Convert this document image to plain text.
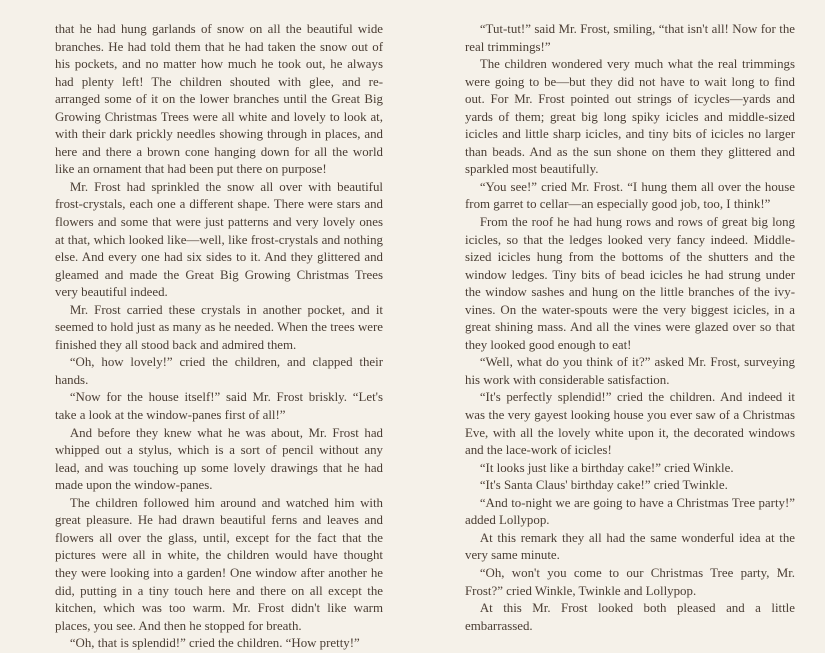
that he had hung garlands of snow on all the beautiful wide branches. He had told them that he had taken the snow out of his pockets, and no matter how much he took out, he always had plenty left! The children shouted with glee, and re-arranged some of it on the lower branches until the Great Big Growing Christmas Trees were all white and lovely to look at, with their dark prickly needles showing through in places, and here and there a brown cone hanging down for all the world like an ornament that had been put there on purpose!

Mr. Frost had sprinkled the snow all over with beautiful frost-crystals, each one a different shape. There were stars and flowers and some that were just patterns and very lovely ones at that, which looked like—well, like frost-crystals and nothing else. And every one had six sides to it. And they glittered and gleamed and made the Great Big Growing Christmas Trees very beautiful indeed.

Mr. Frost carried these crystals in another pocket, and it seemed to hold just as many as he needed. When the trees were finished they all stood back and admired them.

“Oh, how lovely!” cried the children, and clapped their hands.

“Now for the house itself!” said Mr. Frost briskly. “Let's take a look at the window-panes first of all!”

And before they knew what he was about, Mr. Frost had whipped out a stylus, which is a sort of pencil without any lead, and was touching up some lovely drawings that he had made upon the window-panes.

The children followed him around and watched him with great pleasure. He had drawn beautiful ferns and leaves and flowers all over the glass, until, except for the fact that the pictures were all in white, the children would have thought they were looking into a garden! One window after another he did, putting in a tiny touch here and there on all except the kitchen, which was too warm. Mr. Frost didn't like warm places, you see. And then he stopped for breath.

“Oh, that is splendid!” cried the children. “How pretty!”

“Tut-tut!” said Mr. Frost, smiling, “that isn't all! Now for the real trimmings!”

The children wondered very much what the real trimmings were going to be—but they did not have to wait long to find out. For Mr. Frost pointed out strings of icycles—yards and yards of them; great big long spiky icicles and middle-sized icicles and little sharp icicles, and tiny bits of icicles no larger than beads. And as the sun shone on them they glittered and sparkled most beautifully.

“You see!” cried Mr. Frost. “I hung them all over the house from garret to cellar—an especially good job, too, I think!”

From the roof he had hung rows and rows of great big long icicles, so that the ledges looked very fancy indeed. Middle-sized icicles hung from the bottoms of the shutters and the window ledges. Tiny bits of bead icicles he had strung under the window sashes and hung on the little branches of the ivy-vines. On the water-spouts were the very biggest icicles, in a great shining mass. And all the vines were glazed over so that they looked good enough to eat!

“Well, what do you think of it?” asked Mr. Frost, surveying his work with considerable satisfaction.

“It's perfectly splendid!” cried the children. And indeed it was the very gayest looking house you ever saw of a Christmas Eve, with all the lovely white upon it, the decorated windows and the lace-work of icicles!

“It looks just like a birthday cake!” cried Winkle.

“It's Santa Claus' birthday cake!” cried Twinkle.

“And to-night we are going to have a Christmas Tree party!” added Lollypop.

At this remark they all had the same wonderful idea at the very same minute.

“Oh, won't you come to our Christmas Tree party, Mr. Frost?” cried Winkle, Twinkle and Lollypop.

At this Mr. Frost looked both pleased and a little embarrassed.
